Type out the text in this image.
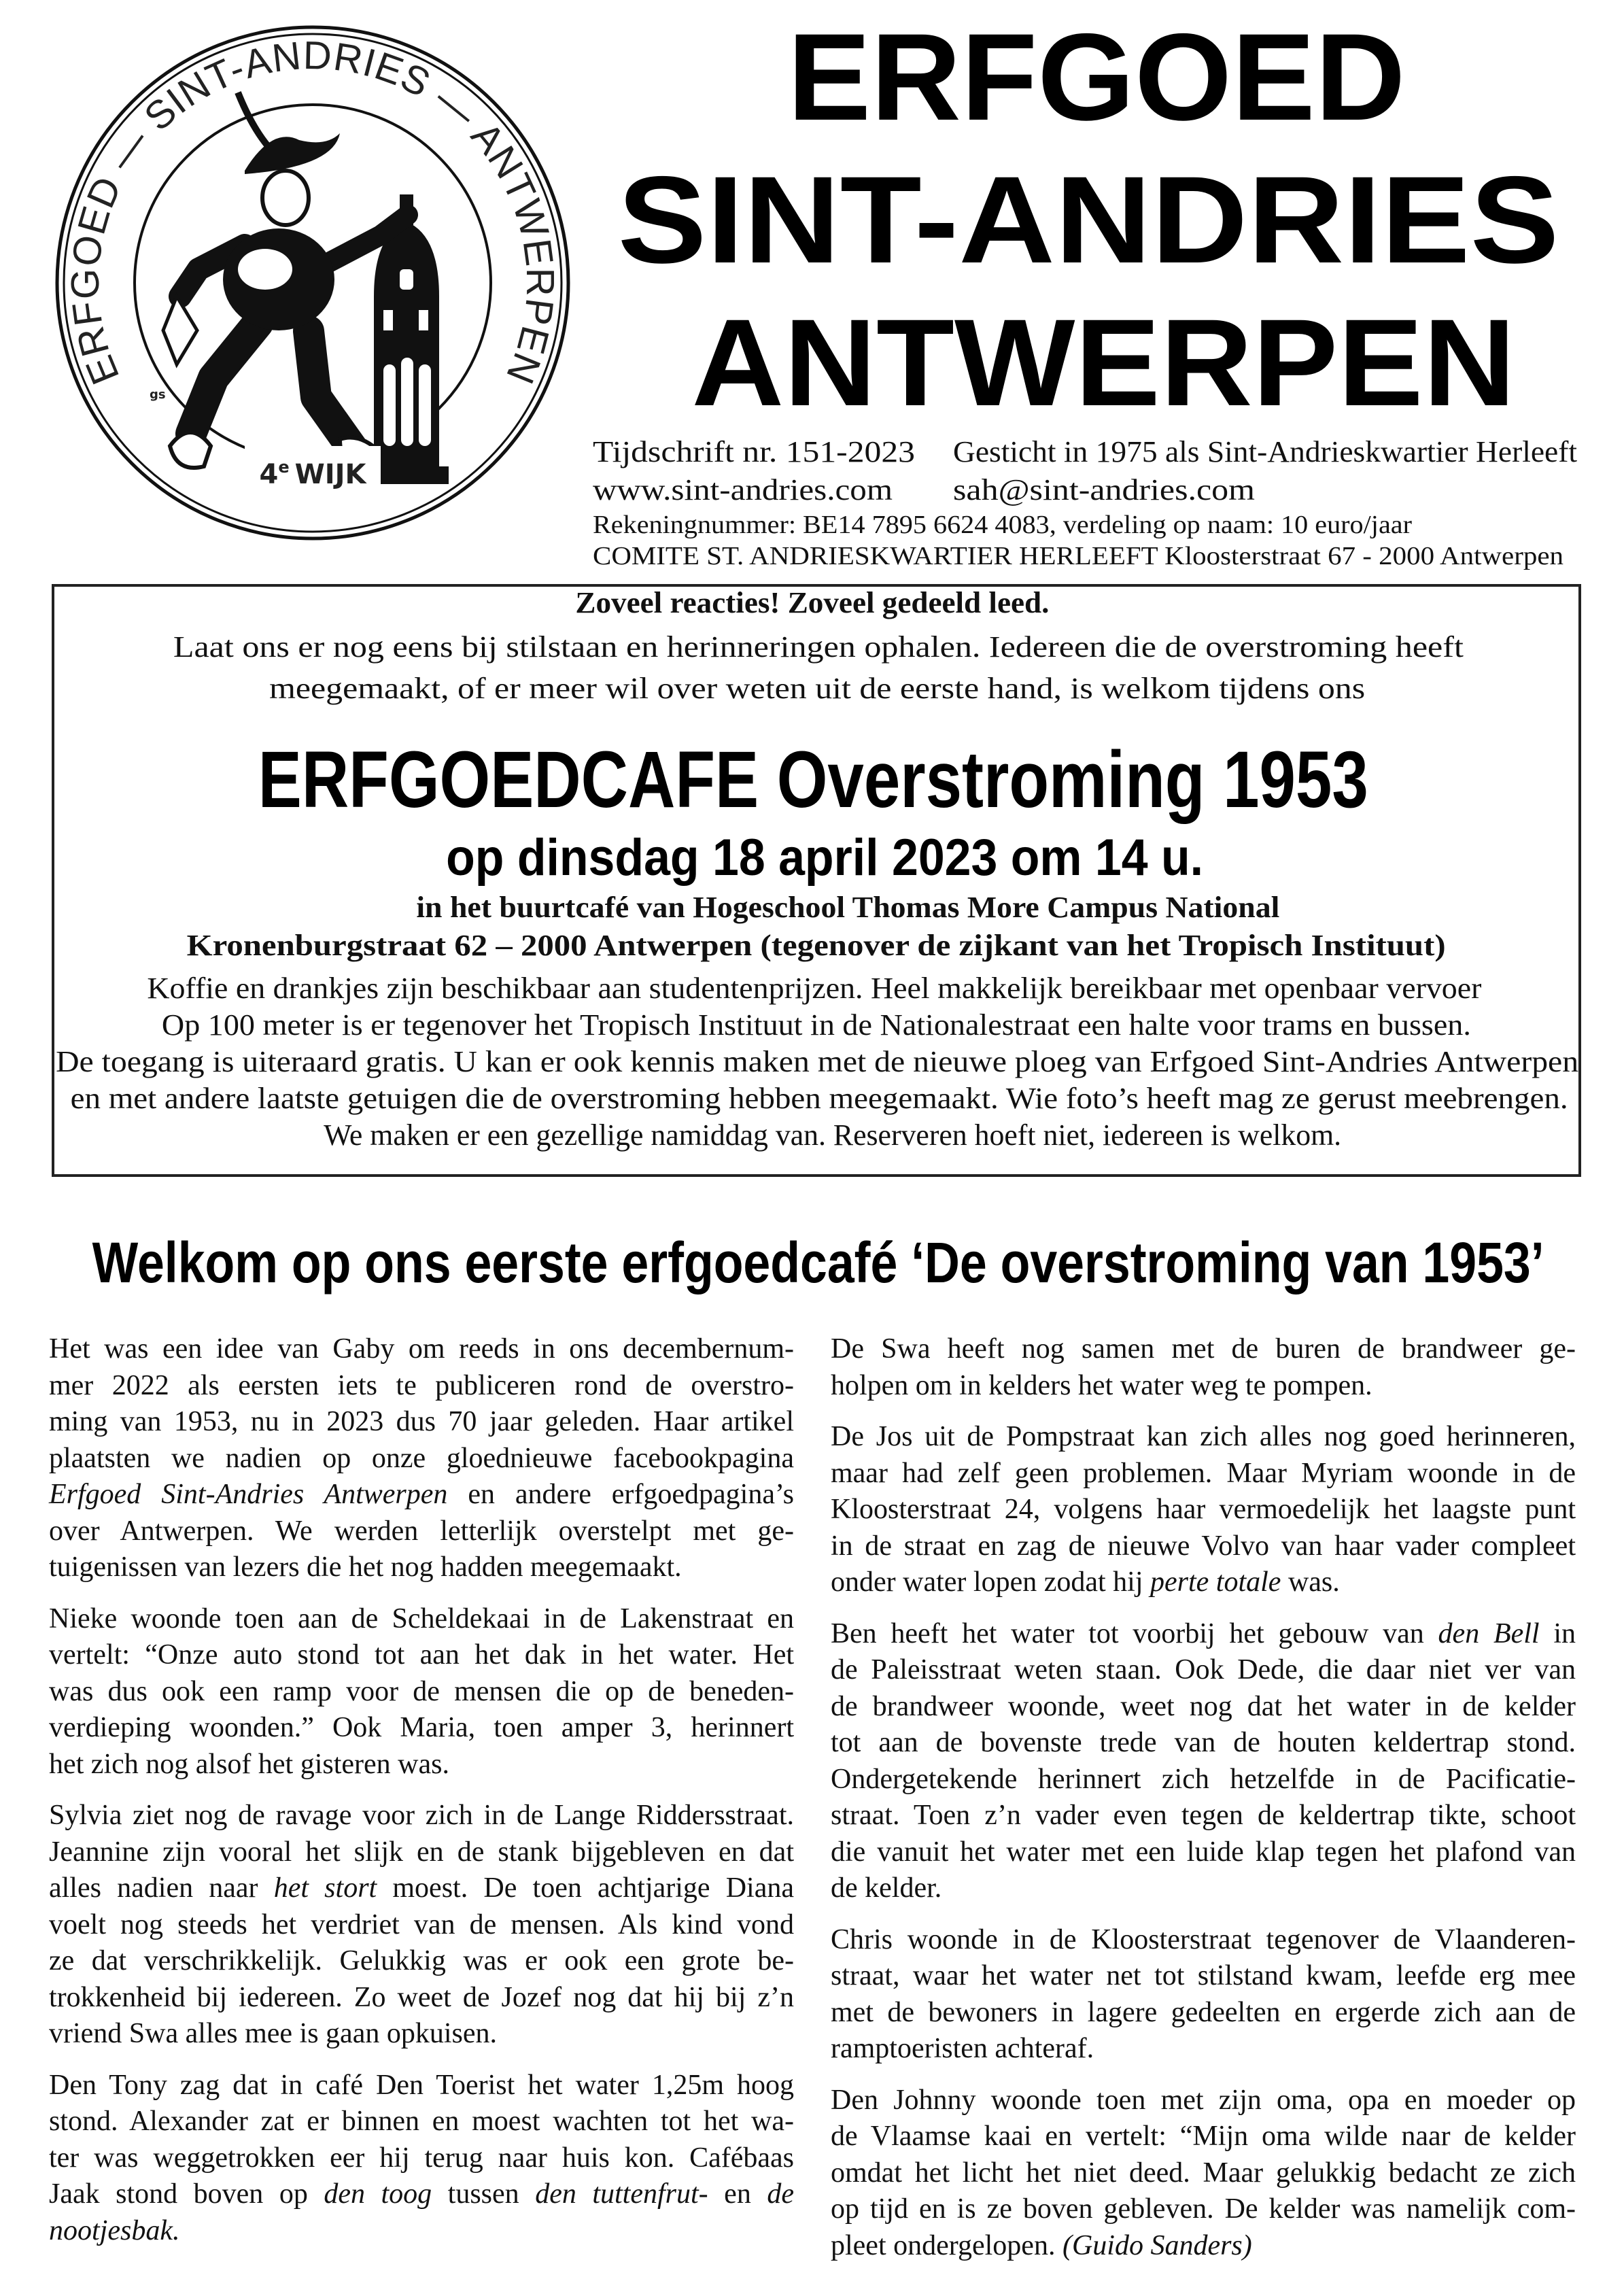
ERFGOED — SINT-ANDRIES — ANTWERPEN
4e WIJK
gs
ERFGOED
SINT-ANDRIES
ANTWERPEN
Tijdschrift nr. 151-2023 Gesticht in 1975 als Sint-Andrieskwartier Herleeft
www.sint-andries.com sah@sint-andries.com
Rekeningnummer: BE14 7895 6624 4083, verdeling op naam: 10 euro/jaar
COMITE ST. ANDRIESKWARTIER HERLEEFT Kloosterstraat 67 - 2000 Antwerpen
Zoveel reacties! Zoveel gedeeld leed.
Laat ons er nog eens bij stilstaan en herinneringen ophalen. Iedereen die de overstroming heeft
meegemaakt, of er meer wil over weten uit de eerste hand, is welkom tijdens ons
ERFGOEDCAFE Overstroming 1953
op dinsdag 18 april 2023 om 14 u.
in het buurtcafé van Hogeschool Thomas More Campus National
Kronenburgstraat 62 – 2000 Antwerpen (tegenover de zijkant van het Tropisch Instituut)
Koffie en drankjes zijn beschikbaar aan studentenprijzen. Heel makkelijk bereikbaar met openbaar vervoer
Op 100 meter is er tegenover het Tropisch Instituut in de Nationalestraat een halte voor trams en bussen.
De toegang is uiteraard gratis. U kan er ook kennis maken met de nieuwe ploeg van Erfgoed Sint-Andries Antwerpen
en met andere laatste getuigen die de overstroming hebben meegemaakt. Wie foto’s heeft mag ze gerust meebrengen.
We maken er een gezellige namiddag van. Reserveren hoeft niet, iedereen is welkom.
Welkom op ons eerste erfgoedcafé ‘De overstroming van 1953’
Het was een idee van Gaby om reeds in ons decembernum-
mer 2022 als eersten iets te publiceren rond de overstro-
ming van 1953, nu in 2023 dus 70 jaar geleden. Haar artikel
plaatsten we nadien op onze gloednieuwe facebookpagina
Erfgoed Sint-Andries Antwerpen en andere erfgoedpagina’s
over Antwerpen. We werden letterlijk overstelpt met ge-
tuigenissen van lezers die het nog hadden meegemaakt.
Nieke woonde toen aan de Scheldekaai in de Lakenstraat en
vertelt: “Onze auto stond tot aan het dak in het water. Het
was dus ook een ramp voor de mensen die op de beneden-
verdieping woonden.” Ook Maria, toen amper 3, herinnert
het zich nog alsof het gisteren was.
Sylvia ziet nog de ravage voor zich in de Lange Riddersstraat.
Jeannine zijn vooral het slijk en de stank bijgebleven en dat
alles nadien naar het stort moest. De toen achtjarige Diana
voelt nog steeds het verdriet van de mensen. Als kind vond
ze dat verschrikkelijk. Gelukkig was er ook een grote be-
trokkenheid bij iedereen. Zo weet de Jozef nog dat hij bij z’n
vriend Swa alles mee is gaan opkuisen.
Den Tony zag dat in café Den Toerist het water 1,25m hoog
stond. Alexander zat er binnen en moest wachten tot het wa-
ter was weggetrokken eer hij terug naar huis kon. Cafébaas
Jaak stond boven op den toog tussen den tuttenfrut- en de
nootjesbak.
De Swa heeft nog samen met de buren de brandweer ge-
holpen om in kelders het water weg te pompen.
De Jos uit de Pompstraat kan zich alles nog goed herinneren,
maar had zelf geen problemen. Maar Myriam woonde in de
Kloosterstraat 24, volgens haar vermoedelijk het laagste punt
in de straat en zag de nieuwe Volvo van haar vader compleet
onder water lopen zodat hij perte totale was.
Ben heeft het water tot voorbij het gebouw van den Bell in
de Paleisstraat weten staan. Ook Dede, die daar niet ver van
de brandweer woonde, weet nog dat het water in de kelder
tot aan de bovenste trede van de houten keldertrap stond.
Ondergetekende herinnert zich hetzelfde in de Pacificatie-
straat. Toen z’n vader even tegen de keldertrap tikte, schoot
die vanuit het water met een luide klap tegen het plafond van
de kelder.
Chris woonde in de Kloosterstraat tegenover de Vlaanderen-
straat, waar het water net tot stilstand kwam, leefde erg mee
met de bewoners in lagere gedeelten en ergerde zich aan de
ramptoeristen achteraf.
Den Johnny woonde toen met zijn oma, opa en moeder op
de Vlaamse kaai en vertelt: “Mijn oma wilde naar de kelder
omdat het licht het niet deed. Maar gelukkig bedacht ze zich
op tijd en is ze boven gebleven. De kelder was namelijk com-
pleet ondergelopen. (Guido Sanders)
